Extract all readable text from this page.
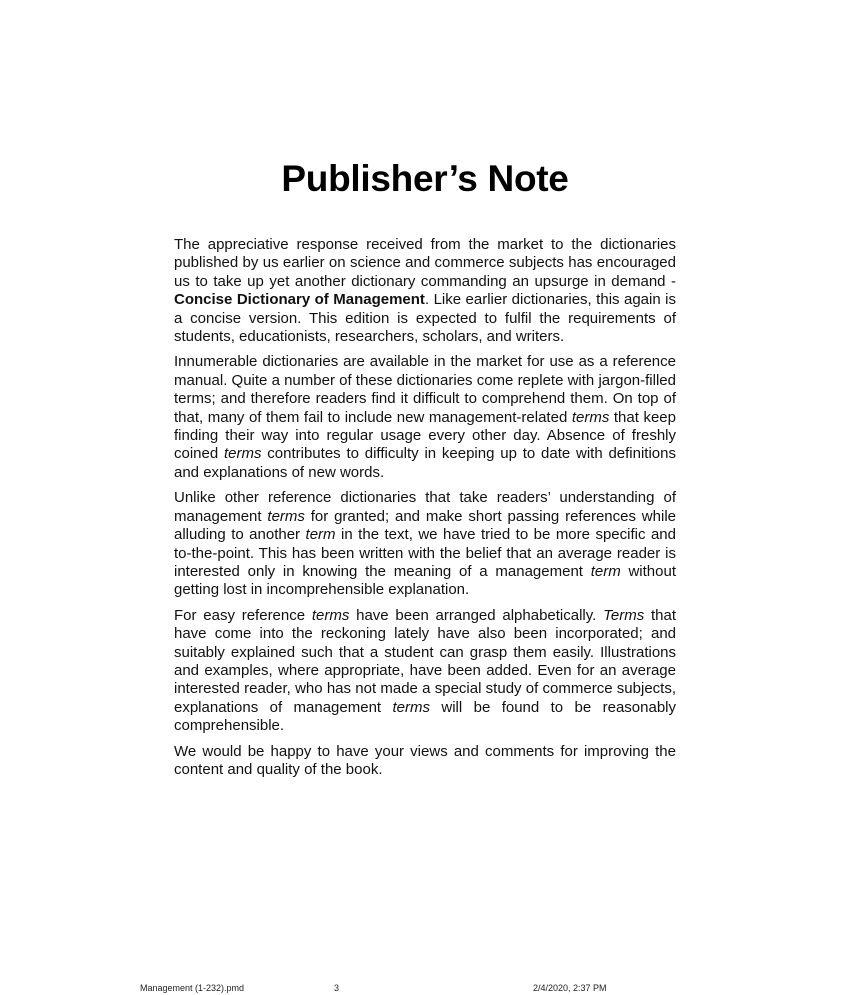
Publisher’s Note

The appreciative response received from the market to the dictionaries published by us earlier on science and commerce subjects has encouraged us to take up yet another dictionary commanding an upsurge in demand - Concise Dictionary of Management. Like earlier dictionaries, this again is a concise version. This edition is expected to fulfil the requirements of students, educationists, researchers, scholars, and writers.

Innumerable dictionaries are available in the market for use as a reference manual. Quite a number of these dictionaries come replete with jargon-filled terms; and therefore readers find it difficult to comprehend them. On top of that, many of them fail to include new management-related terms that keep finding their way into regular usage every other day. Absence of freshly coined terms contributes to difficulty in keeping up to date with definitions and explanations of new words.

Unlike other reference dictionaries that take readers’ understanding of management terms for granted; and make short passing references while alluding to another term in the text, we have tried to be more specific and to-the-point. This has been written with the belief that an average reader is interested only in knowing the meaning of a management term without getting lost in incomprehensible explanation.

For easy reference terms have been arranged alphabetically. Terms that have come into the reckoning lately have also been incorporated; and suitably explained such that a student can grasp them easily. Illustrations and examples, where appropriate, have been added. Even for an average interested reader, who has not made a special study of commerce subjects, explanations of management terms will be found to be reasonably comprehensible.

We would be happy to have your views and comments for improving the content and quality of the book.

Management (1-232).pmd	3	2/4/2020, 2:37 PM
